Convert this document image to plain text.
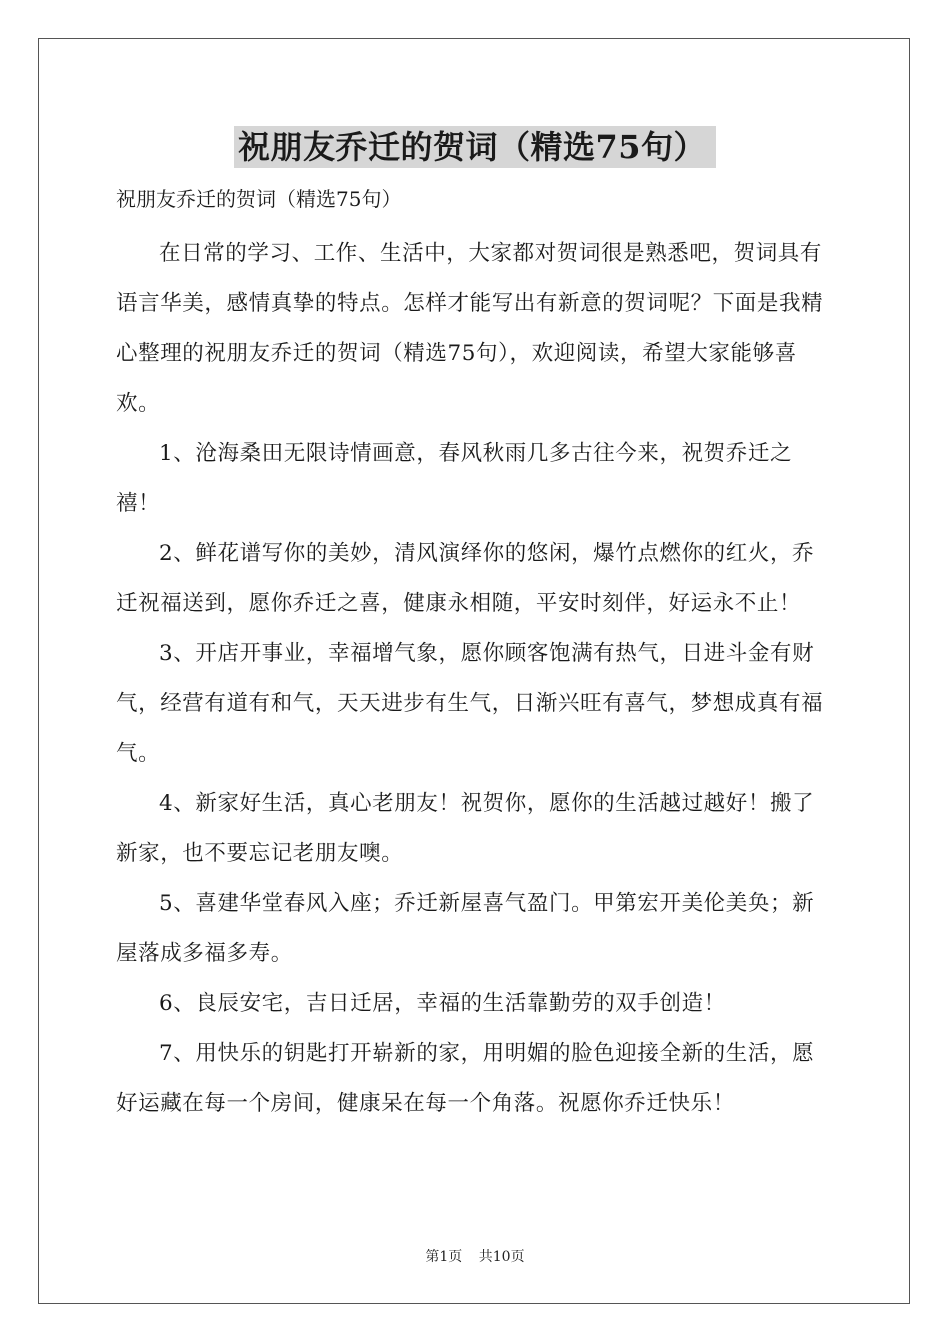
祝朋友乔迁的贺词（精选75句）

祝朋友乔迁的贺词（精选75句）

在日常的学习、工作、生活中，大家都对贺词很是熟悉吧，贺词具有语言华美，感情真挚的特点。怎样才能写出有新意的贺词呢？下面是我精心整理的祝朋友乔迁的贺词（精选75句），欢迎阅读，希望大家能够喜欢。

1、沧海桑田无限诗情画意，春风秋雨几多古往今来，祝贺乔迁之禧！

2、鲜花谱写你的美妙，清风演绎你的悠闲，爆竹点燃你的红火，乔迁祝福送到，愿你乔迁之喜，健康永相随，平安时刻伴，好运永不止！

3、开店开事业，幸福增气象，愿你顾客饱满有热气，日进斗金有财气，经营有道有和气，天天进步有生气，日渐兴旺有喜气，梦想成真有福气。

4、新家好生活，真心老朋友！祝贺你，愿你的生活越过越好！搬了新家，也不要忘记老朋友噢。

5、喜建华堂春风入座；乔迁新屋喜气盈门。甲第宏开美伦美奂；新屋落成多福多寿。

6、良辰安宅，吉日迁居，幸福的生活靠勤劳的双手创造！

7、用快乐的钥匙打开崭新的家，用明媚的脸色迎接全新的生活，愿好运藏在每一个房间，健康呆在每一个角落。祝愿你乔迁快乐！

第1页 共10页
